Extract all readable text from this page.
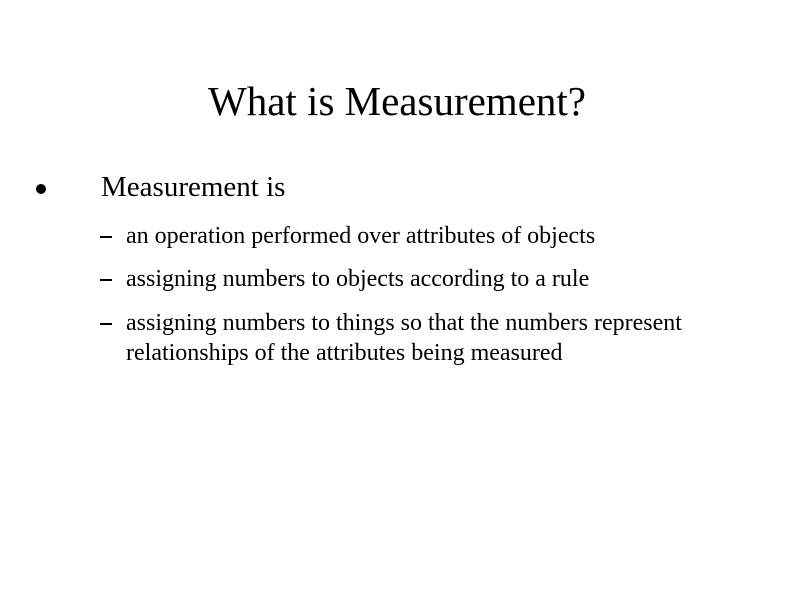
What is Measurement?
Measurement is
an operation performed over attributes of objects
assigning numbers to objects according to a rule
assigning numbers to things so that the numbers represent relationships of the attributes being measured
